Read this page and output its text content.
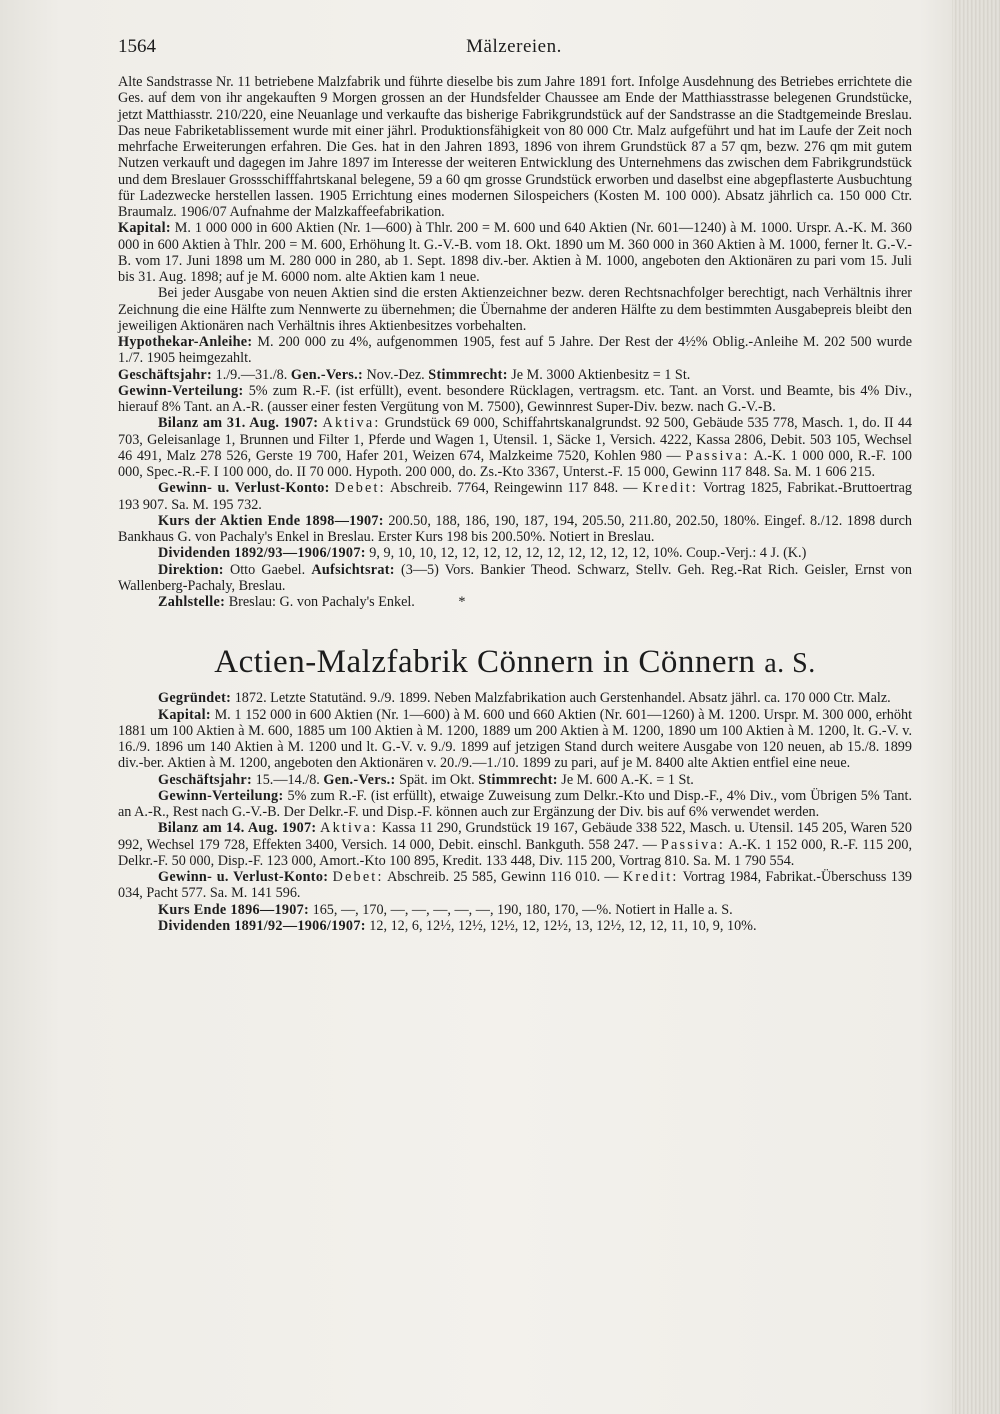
1564	Mälzereien.

Alte Sandstrasse Nr. 11 betriebene Malzfabrik und führte dieselbe bis zum Jahre 1891 fort. Infolge Ausdehnung des Betriebes errichtete die Ges. auf dem von ihr angekauften 9 Morgen grossen an der Hundsfelder Chaussee am Ende der Matthiasstrasse belegenen Grundstücke, jetzt Matthiasstr. 210/220, eine Neuanlage und verkaufte das bisherige Fabrikgrundstück auf der Sandstrasse an die Stadtgemeinde Breslau. Das neue Fabriketablissement wurde mit einer jährl. Produktionsfähigkeit von 80 000 Ctr. Malz aufgeführt und hat im Laufe der Zeit noch mehrfache Erweiterungen erfahren. Die Ges. hat in den Jahren 1893, 1896 von ihrem Grundstück 87 a 57 qm, bezw. 276 qm mit gutem Nutzen verkauft und dagegen im Jahre 1897 im Interesse der weiteren Entwicklung des Unternehmens das zwischen dem Fabrikgrundstück und dem Breslauer Grossschifffahrtskanal belegene, 59 a 60 qm grosse Grundstück erworben und daselbst eine abgepflasterte Ausbuchtung für Ladezwecke herstellen lassen. 1905 Errichtung eines modernen Silospeichers (Kosten M. 100 000). Absatz jährlich ca. 150 000 Ctr. Braumalz. 1906/07 Aufnahme der Malzkaffeefabrikation.

Kapital: M. 1 000 000 in 600 Aktien (Nr. 1—600) à Thlr. 200 = M. 600 und 640 Aktien (Nr. 601—1240) à M. 1000. Urspr. A.-K. M. 360 000 in 600 Aktien à Thlr. 200 = M. 600, Erhöhung lt. G.-V.-B. vom 18. Okt. 1890 um M. 360 000 in 360 Aktien à M. 1000, ferner lt. G.-V.-B. vom 17. Juni 1898 um M. 280 000 in 280, ab 1. Sept. 1898 div.-ber. Aktien à M. 1000, angeboten den Aktionären zu pari vom 15. Juli bis 31. Aug. 1898; auf je M. 6000 nom. alte Aktien kam 1 neue.

Bei jeder Ausgabe von neuen Aktien sind die ersten Aktienzeichner bezw. deren Rechtsnachfolger berechtigt, nach Verhältnis ihrer Zeichnung die eine Hälfte zum Nennwerte zu übernehmen; die Übernahme der anderen Hälfte zu dem bestimmten Ausgabepreis bleibt den jeweiligen Aktionären nach Verhältnis ihres Aktienbesitzes vorbehalten.

Hypothekar-Anleihe: M. 200 000 zu 4%, aufgenommen 1905, fest auf 5 Jahre. Der Rest der 4½% Oblig.-Anleihe M. 202 500 wurde 1./7. 1905 heimgezahlt.

Geschäftsjahr: 1./9.—31./8. Gen.-Vers.: Nov.-Dez. Stimmrecht: Je M. 3000 Aktienbesitz = 1 St.

Gewinn-Verteilung: 5% zum R.-F. (ist erfüllt), event. besondere Rücklagen, vertragsm. etc. Tant. an Vorst. und Beamte, bis 4% Div., hierauf 8% Tant. an A.-R. (ausser einer festen Vergütung von M. 7500), Gewinnrest Super-Div. bezw. nach G.-V.-B.

Bilanz am 31. Aug. 1907: Aktiva: Grundstück 69 000, Schiffahrtskanalgrundst. 92 500, Gebäude 535 778, Masch. 1, do. II 44 703, Geleisanlage 1, Brunnen und Filter 1, Pferde und Wagen 1, Utensil. 1, Säcke 1, Versich. 4222, Kassa 2806, Debit. 503 105, Wechsel 46 491, Malz 278 526, Gerste 19 700, Hafer 201, Weizen 674, Malzkeime 7520, Kohlen 980 — Passiva: A.-K. 1 000 000, R.-F. 100 000, Spec.-R.-F. I 100 000, do. II 70 000. Hypoth. 200 000, do. Zs.-Kto 3367, Unterst.-F. 15 000, Gewinn 117 848. Sa. M. 1 606 215.

Gewinn- u. Verlust-Konto: Debet: Abschreib. 7764, Reingewinn 117 848. — Kredit: Vortrag 1825, Fabrikat.-Bruttoertrag 193 907. Sa. M. 195 732.

Kurs der Aktien Ende 1898—1907: 200.50, 188, 186, 190, 187, 194, 205.50, 211.80, 202.50, 180%. Eingef. 8./12. 1898 durch Bankhaus G. von Pachaly's Enkel in Breslau. Erster Kurs 198 bis 200.50%. Notiert in Breslau.

Dividenden 1892/93—1906/1907: 9, 9, 10, 10, 12, 12, 12, 12, 12, 12, 12, 12, 12, 12, 10%. Coup.-Verj.: 4 J. (K.)

Direktion: Otto Gaebel. Aufsichtsrat: (3—5) Vors. Bankier Theod. Schwarz, Stellv. Geh. Reg.-Rat Rich. Geisler, Ernst von Wallenberg-Pachaly, Breslau.

Zahlstelle: Breslau: G. von Pachaly's Enkel.	*

Actien-Malzfabrik Cönnern in Cönnern a. S.

Gegründet: 1872. Letzte Statutänd. 9./9. 1899. Neben Malzfabrikation auch Gerstenhandel. Absatz jährl. ca. 170 000 Ctr. Malz.

Kapital: M. 1 152 000 in 600 Aktien (Nr. 1—600) à M. 600 und 660 Aktien (Nr. 601—1260) à M. 1200. Urspr. M. 300 000, erhöht 1881 um 100 Aktien à M. 600, 1885 um 100 Aktien à M. 1200, 1889 um 200 Aktien à M. 1200, 1890 um 100 Aktien à M. 1200, lt. G.-V. v. 16./9. 1896 um 140 Aktien à M. 1200 und lt. G.-V. v. 9./9. 1899 auf jetzigen Stand durch weitere Ausgabe von 120 neuen, ab 15./8. 1899 div.-ber. Aktien à M. 1200, angeboten den Aktionären v. 20./9.—1./10. 1899 zu pari, auf je M. 8400 alte Aktien entfiel eine neue.

Geschäftsjahr: 15.—14./8. Gen.-Vers.: Spät. im Okt. Stimmrecht: Je M. 600 A.-K. = 1 St.

Gewinn-Verteilung: 5% zum R.-F. (ist erfüllt), etwaige Zuweisung zum Delkr.-Kto und Disp.-F., 4% Div., vom Übrigen 5% Tant. an A.-R., Rest nach G.-V.-B. Der Delkr.-F. und Disp.-F. können auch zur Ergänzung der Div. bis auf 6% verwendet werden.

Bilanz am 14. Aug. 1907: Aktiva: Kassa 11 290, Grundstück 19 167, Gebäude 338 522, Masch. u. Utensil. 145 205, Waren 520 992, Wechsel 179 728, Effekten 3400, Versich. 14 000, Debit. einschl. Bankguth. 558 247. — Passiva: A.-K. 1 152 000, R.-F. 115 200, Delkr.-F. 50 000, Disp.-F. 123 000, Amort.-Kto 100 895, Kredit. 133 448, Div. 115 200, Vortrag 810. Sa. M. 1 790 554.

Gewinn- u. Verlust-Konto: Debet: Abschreib. 25 585, Gewinn 116 010. — Kredit: Vortrag 1984, Fabrikat.-Überschuss 139 034, Pacht 577. Sa. M. 141 596.

Kurs Ende 1896—1907: 165, —, 170, —, —, —, —, —, 190, 180, 170, —%. Notiert in Halle a. S.

Dividenden 1891/92—1906/1907: 12, 12, 6, 12½, 12½, 12½, 12, 12½, 13, 12½, 12, 12, 11, 10, 9, 10%.
